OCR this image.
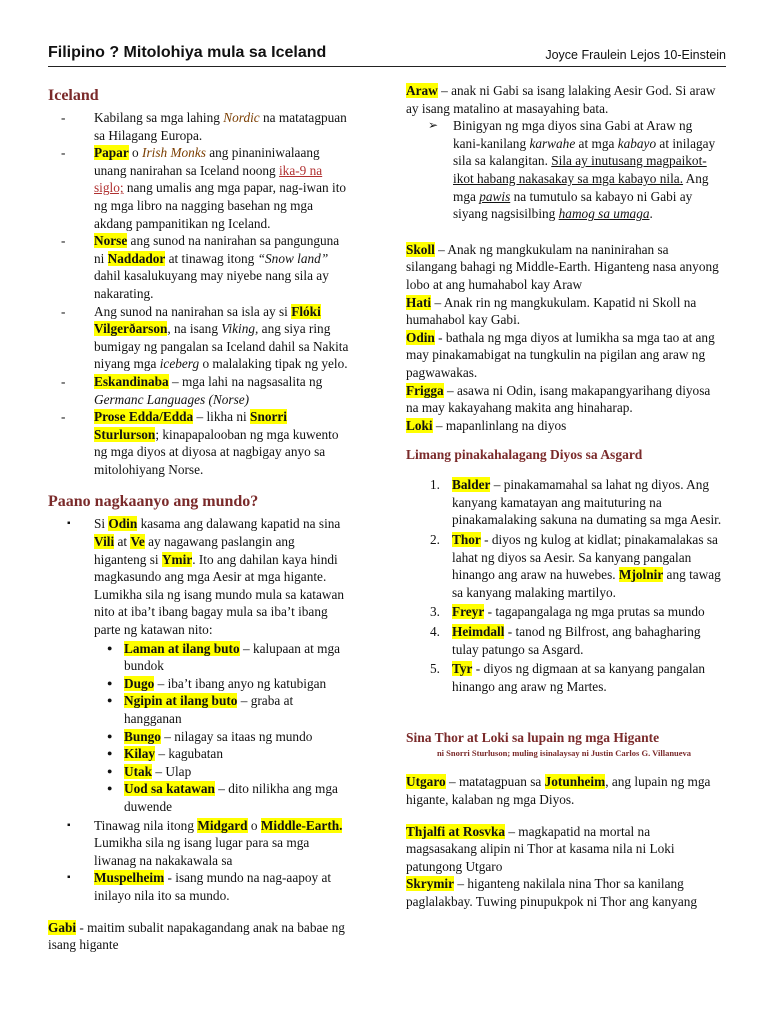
Filipino ? Mitolohiya mula sa Iceland	Joyce Fraulein Lejos 10-Einstein
Iceland
- Kabilang sa mga lahing Nordic na matatagpuan sa Hilagang Europa.
- Papar o Irish Monks ang pinaniniwalaang unang nanirahan sa Iceland noong ika-9 na siglo; nang umalis ang mga papar, nag-iwan ito ng mga libro na nagging basehan ng mga akdang pampanitikan ng Iceland.
- Norse ang sunod na nanirahan sa pangunguna ni Naddador at tinawag itong “Snow land” dahil kasalukuyang may niyebe nang sila ay nakarating.
- Ang sunod na nanirahan sa isla ay si Flóki Vilgerðarson, na isang Viking, ang siya ring bumigay ng pangalan sa Iceland dahil sa Nakita niyang mga iceberg o malalaking tipak ng yelo.
- Eskandinaba – mga lahi na nagsasalita ng Germanc Languages (Norse)
- Prose Edda/Edda – likha ni Snorri Sturlurson; kinapapalooban ng mga kuwento ng mga diyos at diyosa at nagbigay anyo sa mitolohiyang Norse.
Paano nagkaanyo ang mundo?
▪ Si Odin kasama ang dalawang kapatid na sina Vili at Ve ay nagawang paslangin ang higanteng si Ymir. Ito ang dahilan kaya hindi magkasundo ang mga Aesir at mga higante. Lumikha sila ng isang mundo mula sa katawan nito at iba’t ibang bagay mula sa iba’t ibang parte ng katawan nito:
● Laman at ilang buto – kalupaan at mga bundok
● Dugo – iba’t ibang anyo ng katubigan
● Ngipin at ilang buto – graba at hangganan
● Bungo – nilagay sa itaas ng mundo
● Kilay – kagubatan
● Utak – Ulap
● Uod sa katawan – dito nilikha ang mga duwende
▪ Tinawag nila itong Midgard o Middle-Earth. Lumikha sila ng isang lugar para sa mga liwanag na nakakawala sa
▪ Muspelheim - isang mundo na nag-aapoy at inilayo nila ito sa mundo.

Gabi - maitim subalit napakagandang anak na babae ng isang higante

Araw – anak ni Gabi sa isang lalaking Aesir God. Si araw ay isang matalino at masayahing bata.

➢ Binigyan ng mga diyos sina Gabi at Araw ng kani-kanilang karwahe at mga kabayo at inilagay sila sa kalangitan. Sila ay inutusang magpaikot-ikot habang nakasakay sa mga kabayo nila. Ang mga pawis na tumutulo sa kabayo ni Gabi ay siyang nagsisilbing hamog sa umaga.

Skoll – Anak ng mangkukulam na naninirahan sa silangang bahagi ng Middle-Earth. Higanteng nasa anyong lobo at ang humahabol kay Araw

Hati – Anak rin ng mangkukulam. Kapatid ni Skoll na humahabol kay Gabi.

Odin - bathala ng mga diyos at lumikha sa mga tao at ang may pinakamabigat na tungkulin na pigilan ang araw ng pagwawakas.

Frigga – asawa ni Odin, isang makapangyarihang diyosa na may kakayahang makita ang hinaharap.

Loki – mapanlinlang na diyos

Limang pinakahalagang Diyos sa Asgard
1. Balder – pinakamamahal sa lahat ng diyos. Ang kanyang kamatayan ang maituturing na pinakamalaking sakuna na dumating sa mga Aesir.
2. Thor - diyos ng kulog at kidlat; pinakamalakas sa lahat ng diyos sa Aesir. Sa kanyang pangalan hinango ang araw na huwebes. Mjolnir ang tawag sa kanyang malaking martilyo.
3. Freyr - tagapangalaga ng mga prutas sa mundo
4. Heimdall - tanod ng Bilfrost, ang bahagharing tulay patungo sa Asgard.
5. Tyr - diyos ng digmaan at sa kanyang pangalan hinango ang araw ng Martes.
Sina Thor at Loki sa lupain ng mga Higante
ni Snorri Sturluson; muling isinalaysay ni Justin Carlos G. Villanueva

Utgaro – matatagpuan sa Jotunheim, ang lupain ng mga higante, kalaban ng mga Diyos.

Thjalfi at Rosvka – magkapatid na mortal na magsasakang alipin ni Thor at kasama nila ni Loki patungong Utgaro

Skrymir – higanteng nakilala nina Thor sa kanilang paglalakbay. Tuwing pinupukpok ni Thor ang kanyang
